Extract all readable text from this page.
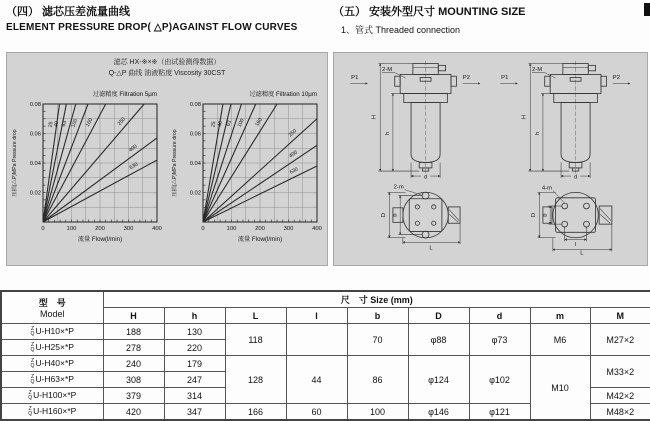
（四） 滤芯压差流量曲线
ELEMENT PRESSURE DROP( △P)AGAINST FLOW CURVES
（五） 安装外型尺寸 MOUNTING SIZE
1、管式 Threaded connection
滤芯 HX-※×※（由试验测得数据）
Q-△P 曲线 油液粘度 Viscosity 30CST
0	100	200	300	400
0.02
0.04
0.06
0.08
25
40 63 100 160	250
400
630
过滤精度 Filtration 5μm
流量 Flow(l/min)
压损(△P)MPa Pressure drop
0	100	200	300	400
0.02
0.04
0.06
0.08
25 40 63 100 160
250
400
630
过滤精度 Filtration 10μm
流量 Flow(l/min)
压损(△P)MPa Pressure drop
P1	P2
2-M
H
h
d
2-m
D b
L
P1	P2
2-M
H
h
d
4-m
D b
l
L
型　号
Model	尺　寸 Size (mm)								
	H	h	L	l	b	D	d	m	M

Z
Q U-H10×*P	188	130	118		70	φ88	φ73	M6	M27×2

Z
Q U-H25×*P	278	220							

Z
Q U-H40×*P	240	179	128	44	86	φ124	φ102	M10	M33×2

Z
Q U-H63×*P	308	247							

Z
Q U-H100×*P	379	314							M42×2

Z
Q U-H160×*P	420	347	166	60	100	φ146	φ121		M48×2
